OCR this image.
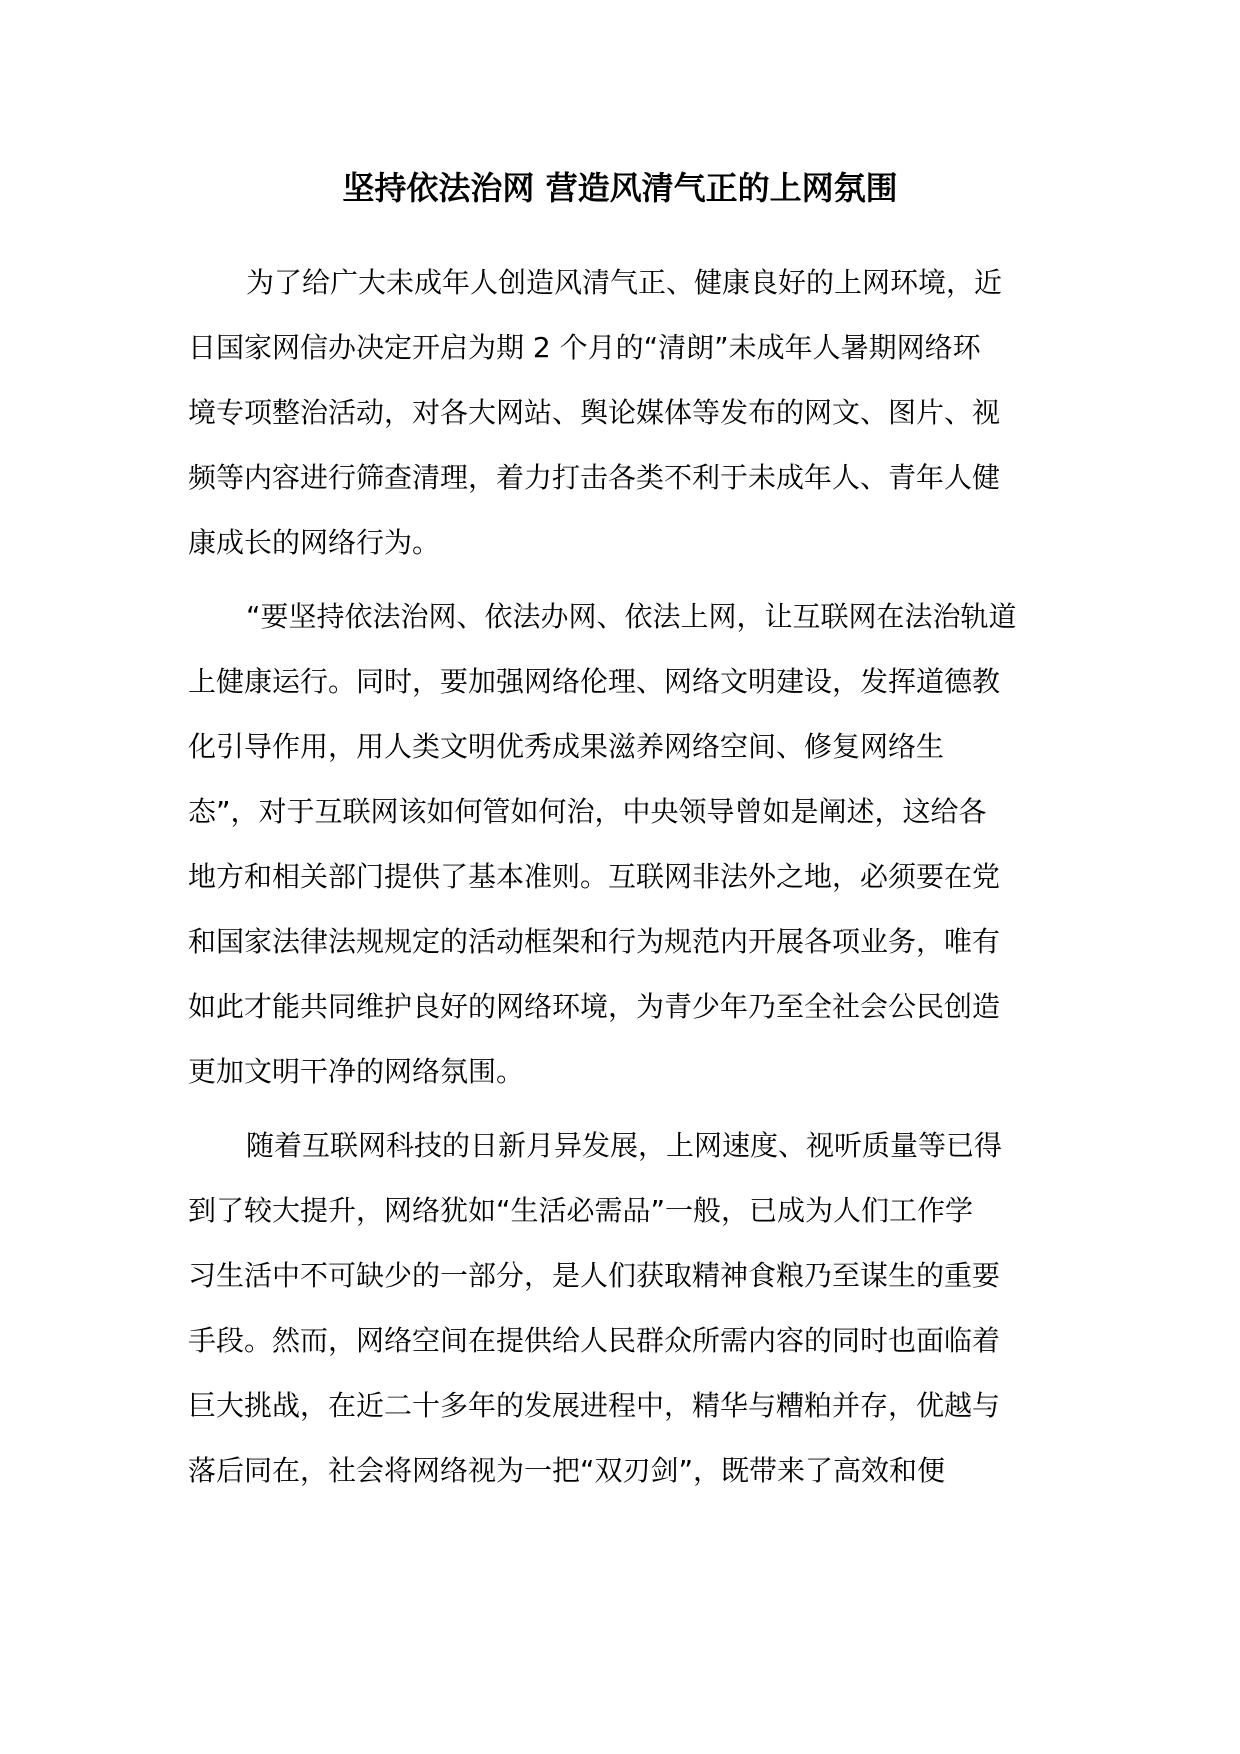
坚持依法治网 营造风清气正的上网氛围
为了给广大未成年人创造风清气正、健康良好的上网环境，近
日国家网信办决定开启为期 2 个月的“清朗”未成年人暑期网络环
境专项整治活动，对各大网站、舆论媒体等发布的网文、图片、视
频等内容进行筛查清理，着力打击各类不利于未成年人、青年人健
康成长的网络行为。
“要坚持依法治网、依法办网、依法上网，让互联网在法治轨道
上健康运行。同时，要加强网络伦理、网络文明建设，发挥道德教
化引导作用，用人类文明优秀成果滋养网络空间、修复网络生
态”，对于互联网该如何管如何治，中央领导曾如是阐述，这给各
地方和相关部门提供了基本准则。互联网非法外之地，必须要在党
和国家法律法规规定的活动框架和行为规范内开展各项业务，唯有
如此才能共同维护良好的网络环境，为青少年乃至全社会公民创造
更加文明干净的网络氛围。
随着互联网科技的日新月异发展，上网速度、视听质量等已得
到了较大提升，网络犹如“生活必需品”一般，已成为人们工作学
习生活中不可缺少的一部分，是人们获取精神食粮乃至谋生的重要
手段。然而，网络空间在提供给人民群众所需内容的同时也面临着
巨大挑战，在近二十多年的发展进程中，精华与糟粕并存，优越与
落后同在，社会将网络视为一把“双刃剑”，既带来了高效和便
